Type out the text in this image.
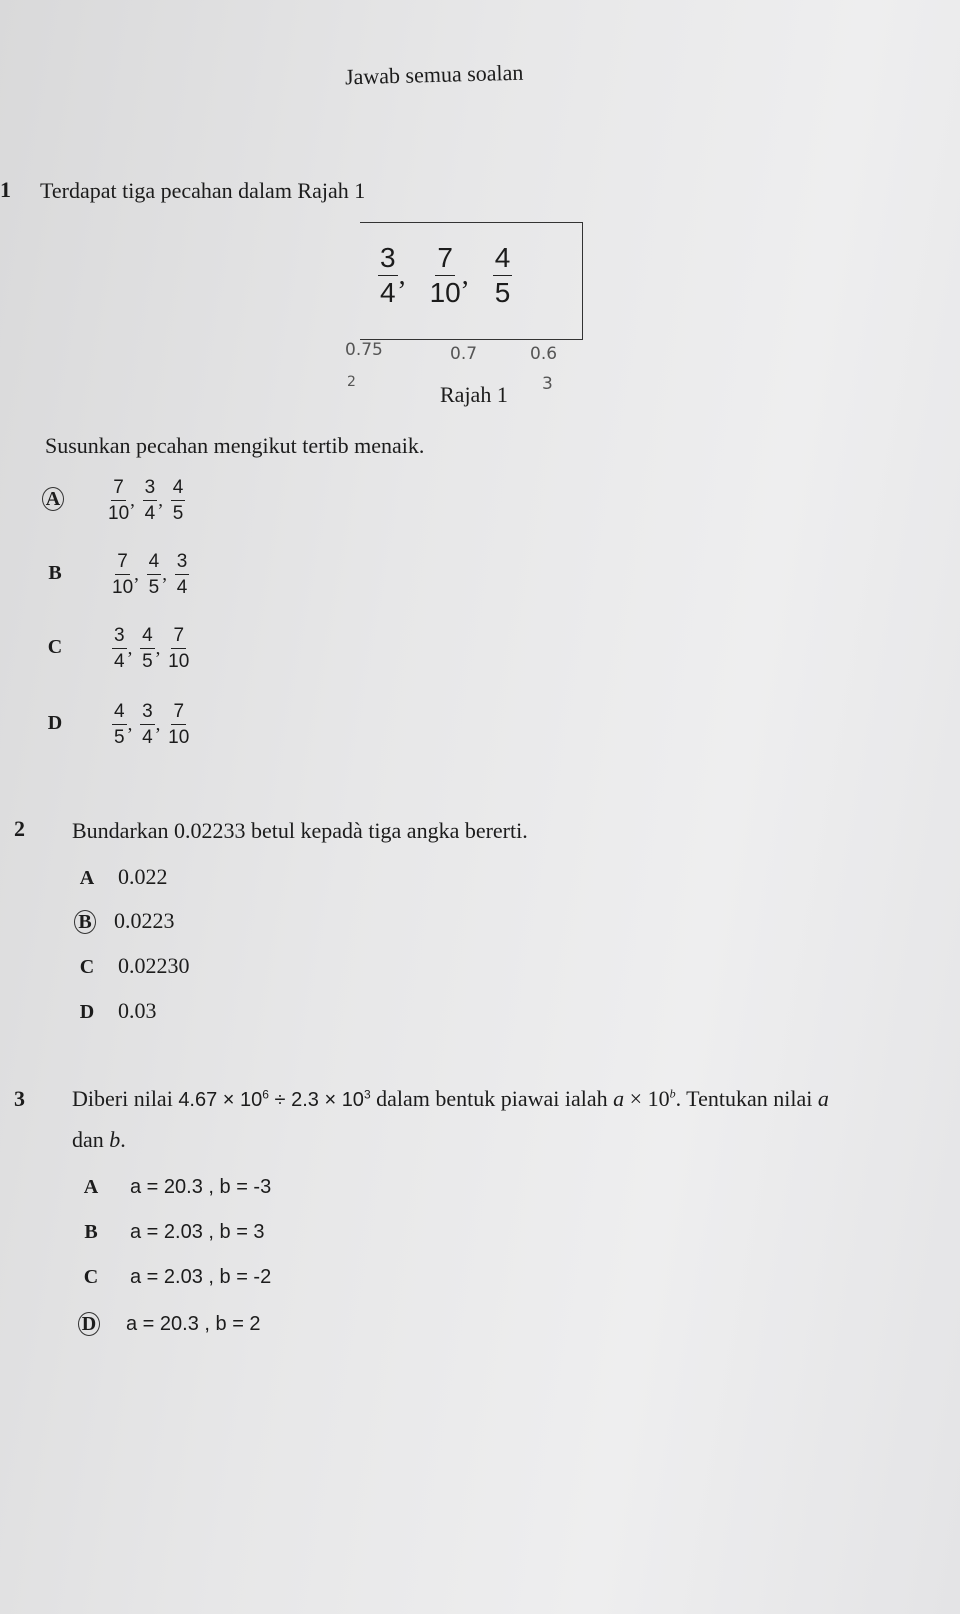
Jawab semua soalan
1 Terdapat tiga pecahan dalam Rajah 1
$\frac{3}{4}$ , $\frac{7}{10}$ , $\frac{4}{5}$
0.75	0.7	0.6
2	3
Rajah 1
Susunkan pecahan mengikut tertib menaik.
A	$\frac{7}{10}$ , $\frac{3}{4}$ , $\frac{4}{5}$
B	$\frac{7}{10}$ , $\frac{4}{5}$ , $\frac{3}{4}$
C	$\frac{3}{4}$ , $\frac{4}{5}$ , $\frac{7}{10}$
D	$\frac{4}{5}$ , $\frac{3}{4}$ , $\frac{7}{10}$
2 Bundarkan 0.02233 betul kepadà tiga angka bererti.
A 0.022
B 0.0223
C 0.02230
D 0.03
3 Diberi nilai $4.67 \times 10^6 \div 2.3 \times 10^3$ dalam bentuk piawai ialah $a \times 10^b$. Tentukan nilai a
dan b.
A a = 20.3 , b = -3
B a = 2.03 , b = 3
C a = 2.03 , b = -2
D a = 20.3 , b = 2
